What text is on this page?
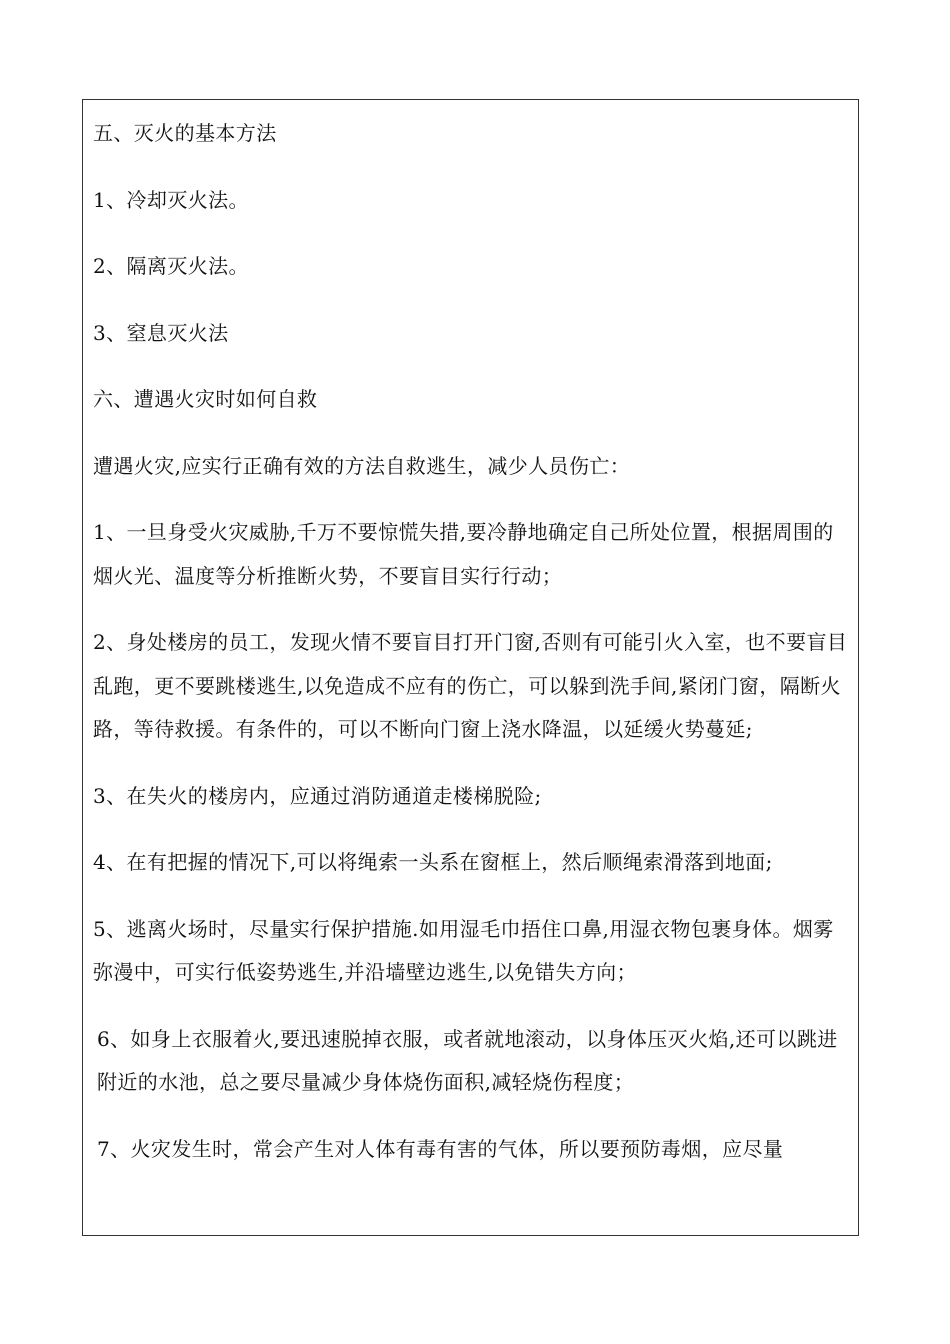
五、灭火的基本方法

1、冷却灭火法。

2、隔离灭火法。

3、窒息灭火法

六、遭遇火灾时如何自救

遭遇火灾,应实行正确有效的方法自救逃生，减少人员伤亡：

1、一旦身受火灾威胁,千万不要惊慌失措,要冷静地确定自己所处位置，根据周围的烟火光、温度等分析推断火势，不要盲目实行行动；

2、身处楼房的员工，发现火情不要盲目打开门窗,否则有可能引火入室，也不要盲目乱跑，更不要跳楼逃生,以免造成不应有的伤亡，可以躲到洗手间,紧闭门窗，隔断火路，等待救援。有条件的，可以不断向门窗上浇水降温，以延缓火势蔓延;

3、在失火的楼房内，应通过消防通道走楼梯脱险;

4、在有把握的情况下,可以将绳索一头系在窗框上，然后顺绳索滑落到地面;

5、逃离火场时，尽量实行保护措施.如用湿毛巾捂住口鼻,用湿衣物包裹身体。烟雾弥漫中，可实行低姿势逃生,并沿墙壁边逃生,以免错失方向；

6、如身上衣服着火,要迅速脱掉衣服，或者就地滚动，以身体压灭火焰,还可以跳进附近的水池，总之要尽量减少身体烧伤面积,减轻烧伤程度；

7、火灾发生时，常会产生对人体有毒有害的气体，所以要预防毒烟，应尽量
